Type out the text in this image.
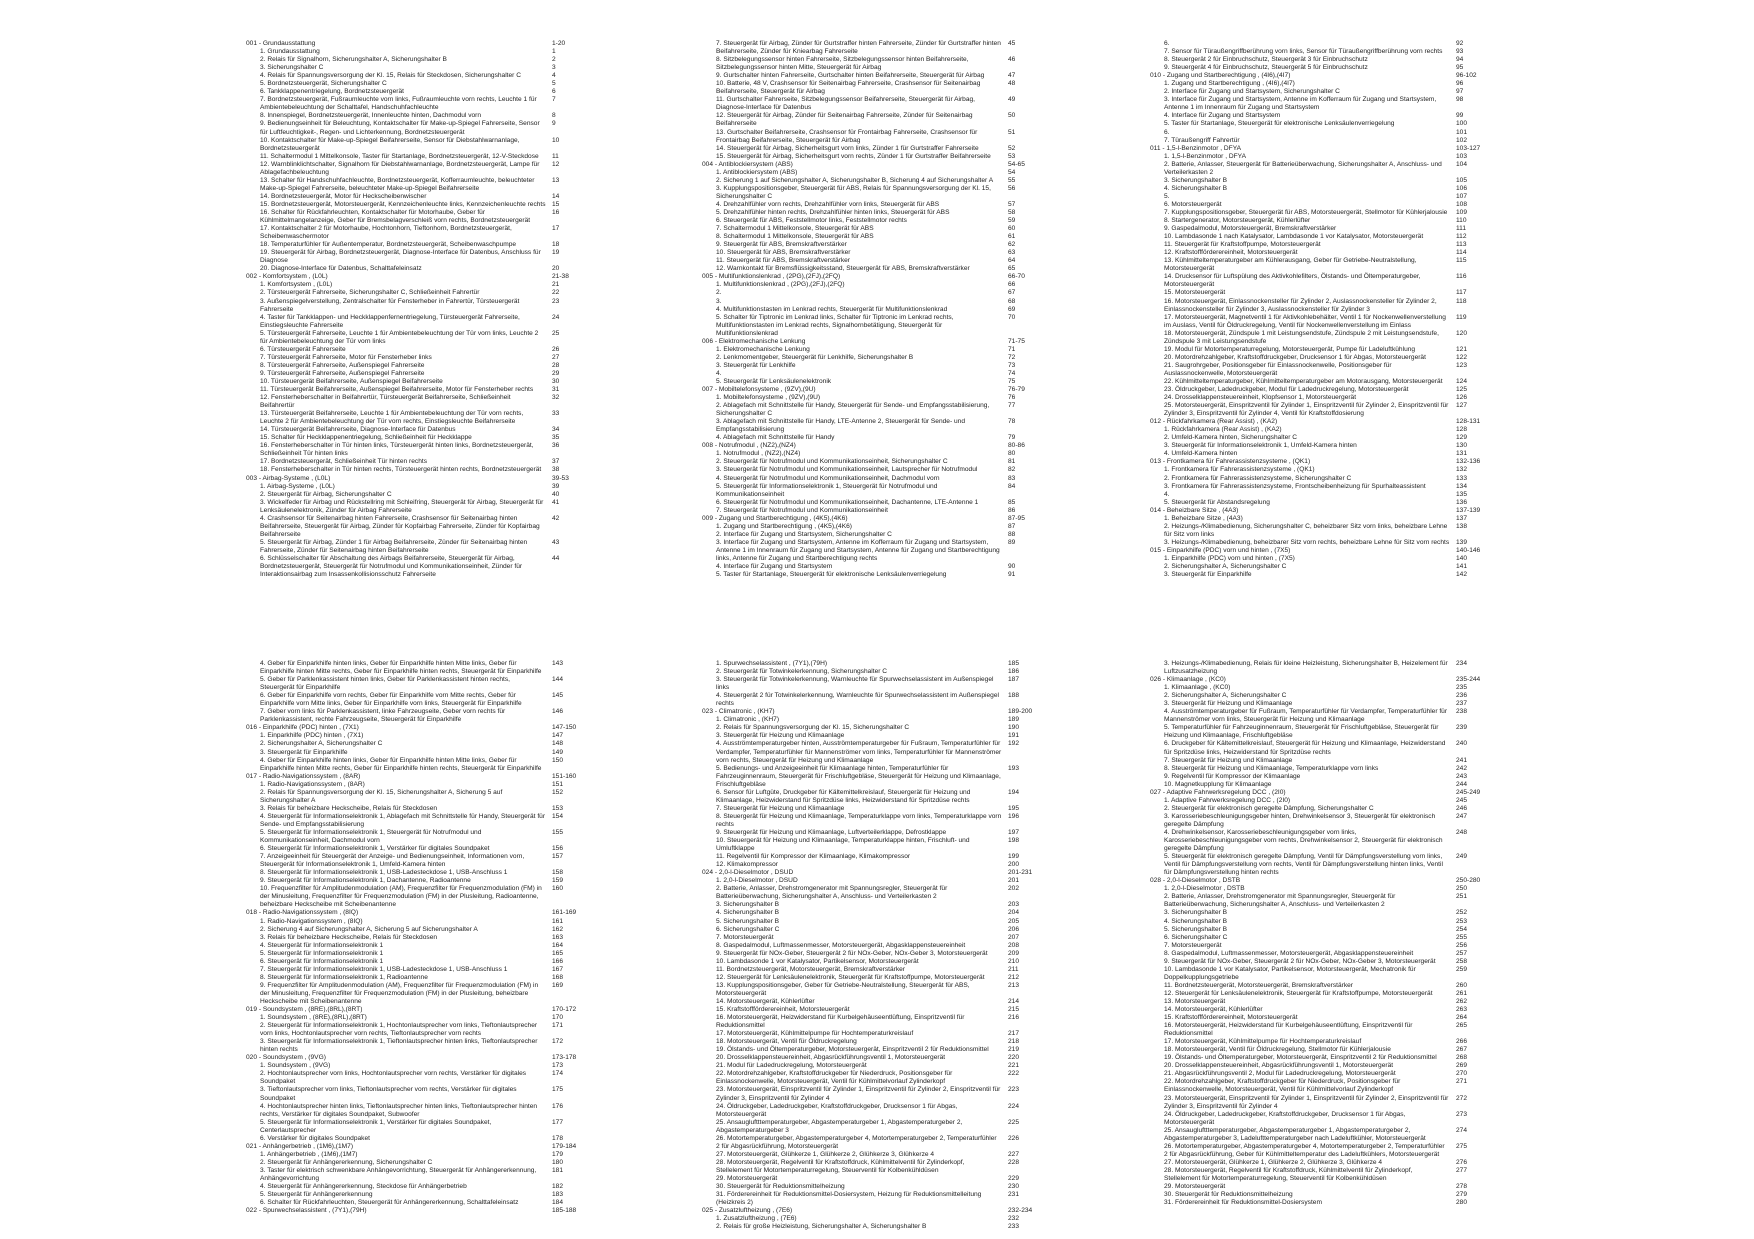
001 - Grundausstattung	1-20
1. Grundausstattung	1
2. Relais für Signalhorn, Sicherungshalter A, Sicherungshalter B	2
3. Sicherungshalter C	3
4. Relais für Spannungsversorgung der Kl. 15, Relais für Steckdosen, Sicherungshalter C	4
5. Bordnetzsteuergerät, Sicherungshalter C	5
6. Tankklappenentriegelung, Bordnetzsteuergerät	6
7. Bordnetzsteuergerät, Fußraumleuchte vorn links, Fußraumleuchte vorn rechts, Leuchte 1 für Ambientebeleuchtung der Schalttafel, Handschuhfachleuchte
7
8. Innenspiegel, Bordnetzsteuergerät, Innenleuchte hinten, Dachmodul vorn	8
9. Bedienungseinheit für Beleuchtung, Kontaktschalter für Make-up-Spiegel Fahrerseite, Sensor für Luftfeuchtigkeit-, Regen- und Lichterkennung, Bordnetzsteuergerät
9
10. Kontaktschalter für Make-up-Spiegel Beifahrerseite, Sensor für Diebstahlwarnanlage, Bordnetzsteuergerät
10
11. Schaltermodul 1 Mittelkonsole, Taster für Startanlage, Bordnetzsteuergerät, 12-V-Steckdose	11
12. Warnblinklichtschalter, Signalhorn für Diebstahlwarnanlage, Bordnetzsteuergerät, Lampe für Ablagefachbeleuchtung
12
13. Schalter für Handschuhfachleuchte, Bordnetzsteuergerät, Kofferraumleuchte, beleuchteter Make-up-Spiegel Fahrerseite, beleuchteter Make-up-Spiegel Beifahrerseite
13
14. Bordnetzsteuergerät, Motor für Heckscheibenwischer	14
15. Bordnetzsteuergerät, Motorsteuergerät, Kennzeichenleuchte links, Kennzeichenleuchte rechts 15
16. Schalter für Rückfahrleuchten, Kontaktschalter für Motorhaube, Geber für Kühlmittelmangelanzeige, Geber für Bremsbelagverschleiß vorn rechts, Bordnetzsteuergerät
16
17. Kontaktschalter 2 für Motorhaube, Hochtonhorn, Tieftonhorn, Bordnetzsteuergerät, Scheibenwaschermotor
17
18. Temperaturfühler für Außentemperatur, Bordnetzsteuergerät, Scheibenwaschpumpe	18
19. Steuergerät für Airbag, Bordnetzsteuergerät, Diagnose-Interface für Datenbus, Anschluss für Diagnose
19
20. Diagnose-Interface für Datenbus, Schalttafeleinsatz	20
002 - Komfortsystem , (L0L)	21-38
1. Komfortsystem , (L0L)	21
2. Türsteuergerät Fahrerseite, Sicherungshalter C, Schließeinheit Fahrertür	22
3. Außenspiegelverstellung, Zentralschalter für Fensterheber in Fahrertür, Türsteuergerät Fahrerseite
23
4. Taster für Tankklappen- und Heckklappenfernentriegelung, Türsteuergerät Fahrerseite, Einstiegsleuchte Fahrerseite
24
5. Türsteuergerät Fahrerseite, Leuchte 1 für Ambientebeleuchtung der Tür vorn links, Leuchte 2 für Ambientebeleuchtung der Tür vorn links
25
6. Türsteuergerät Fahrerseite	26
7. Türsteuergerät Fahrerseite, Motor für Fensterheber links	27
8. Türsteuergerät Fahrerseite, Außenspiegel Fahrerseite	28
9. Türsteuergerät Fahrerseite, Außenspiegel Fahrerseite	29
10. Türsteuergerät Beifahrerseite, Außenspiegel Beifahrerseite	30
11. Türsteuergerät Beifahrerseite, Außenspiegel Beifahrerseite, Motor für Fensterheber rechts	31
12. Fensterheberschalter in Beifahrertür, Türsteuergerät Beifahrerseite, Schließeinheit Beifahrertür
32
13. Türsteuergerät Beifahrerseite, Leuchte 1 für Ambientebeleuchtung der Tür vorn rechts, Leuchte 2 für Ambientebeleuchtung der Tür vorn rechts, Einstiegsleuchte Beifahrerseite
33
14. Türsteuergerät Beifahrerseite, Diagnose-Interface für Datenbus	34
15. Schalter für Heckklappenentriegelung, Schließeinheit für Heckklappe	35
16. Fensterheberschalter in Tür hinten links, Türsteuergerät hinten links, Bordnetzsteuergerät, Schließeinheit Tür hinten links
36
17. Bordnetzsteuergerät, Schließeinheit Tür hinten rechts	37
18. Fensterheberschalter in Tür hinten rechts, Türsteuergerät hinten rechts, Bordnetzsteuergerät	38
003 - Airbag-Systeme , (L0L)	39-53
1. Airbag-Systeme , (L0L)	39
2. Steuergerät für Airbag, Sicherungshalter C	40
3. Wickelfeder für Airbag und Rückstellring mit Schleifring, Steuergerät für Airbag, Steuergerät für Lenksäulenelektronik, Zünder für Airbag Fahrerseite
41
4. Crashsensor für Seitenairbag hinten Fahrerseite, Crashsensor für Seitenairbag hinten Beifahrerseite, Steuergerät für Airbag, Zünder für Kopfairbag Fahrerseite, Zünder für Kopfairbag Beifahrerseite
42
5. Steuergerät für Airbag, Zünder 1 für Airbag Beifahrerseite, Zünder für Seitenairbag hinten Fahrerseite, Zünder für Seitenairbag hinten Beifahrerseite
43
6. Schlüsselschalter für Abschaltung des Airbags Beifahrerseite, Steuergerät für Airbag, Bordnetzsteuergerät, Steuergerät für Notrufmodul und Kommunikationseinheit, Zünder für Interaktionsairbag zum Insassenkollisionsschutz Fahrerseite
44
7. Steuergerät für Airbag, Zünder für Gurtstraffer hinten Fahrerseite, Zünder für Gurtstraffer hinten Beifahrerseite, Zünder für Kniearbag Fahrerseite
45
8. Sitzbelegungssensor hinten Fahrerseite, Sitzbelegungssensor hinten Beifahrerseite, Sitzbelegungssensor hinten Mitte, Steuergerät für Airbag
46
9. Gurtschalter hinten Fahrerseite, Gurtschalter hinten Beifahrerseite, Steuergerät für Airbag	47
10. Batterie, 48 V, Crashsensor für Seitenairbag Fahrerseite, Crashsensor für Seitenairbag Beifahrerseite, Steuergerät für Airbag
48
11. Gurtschalter Fahrerseite, Sitzbelegungssensor Beifahrerseite, Steuergerät für Airbag, Diagnose-Interface für Datenbus
49
12. Steuergerät für Airbag, Zünder für Seitenairbag Fahrerseite, Zünder für Seitenairbag Beifahrerseite
50
13. Gurtschalter Beifahrerseite, Crashsensor für Frontairbag Fahrerseite, Crashsensor für Frontairbag Beifahrerseite, Steuergerät für Airbag
51
14. Steuergerät für Airbag, Sicherheitsgurt vorn links, Zünder 1 für Gurtstraffer Fahrerseite	52
15. Steuergerät für Airbag, Sicherheitsgurt vorn rechts, Zünder 1 für Gurtstraffer Beifahrerseite	53
004 - Antiblockiersystem (ABS)	54-65
1. Antiblockiersystem (ABS)	54
2. Sicherung 1 auf Sicherungshalter A, Sicherungshalter B, Sicherung 4 auf Sicherungshalter A	55
3. Kupplungspositionsgeber, Steuergerät für ABS, Relais für Spannungsversorgung der Kl. 15, Sicherungshalter C
56
4. Drehzahlfühler vorn rechts, Drehzahlfühler vorn links, Steuergerät für ABS	57
5. Drehzahlfühler hinten rechts, Drehzahlfühler hinten links, Steuergerät für ABS	58
6. Steuergerät für ABS, Feststellmotor links, Feststellmotor rechts	59
7. Schaltermodul 1 Mittelkonsole, Steuergerät für ABS	60
8. Schaltermodul 1 Mittelkonsole, Steuergerät für ABS	61
9. Steuergerät für ABS, Bremskraftverstärker	62
10. Steuergerät für ABS, Bremskraftverstärker	63
11. Steuergerät für ABS, Bremskraftverstärker	64
12. Warnkontakt für Bremsflüssigkeitsstand, Steuergerät für ABS, Bremskraftverstärker	65
005 - Multifunktionslenkrad , (2PG),(2FJ),(2FQ)	66-70
1. Multifunktionslenkrad , (2PG),(2FJ),(2FQ)	66
2.	67
3.	68
4. Multifunktionstasten im Lenkrad rechts, Steuergerät für Multifunktionslenkrad	69
5. Schalter für Tiptronic im Lenkrad links, Schalter für Tiptronic im Lenkrad rechts, Multifunktionstasten im Lenkrad rechts, Signalhornbetätigung, Steuergerät für Multifunktionslenkrad
70
006 - Elektromechanische Lenkung	71-75
1. Elektromechanische Lenkung	71
2. Lenkmomentgeber, Steuergerät für Lenkhilfe, Sicherungshalter B	72
3. Steuergerät für Lenkhilfe	73
4.	74
5. Steuergerät für Lenksäulenelektronik	75
007 - Mobiltelefonsysteme , (9ZV),(9U)	76-79
1. Mobiltelefonsysteme , (9ZV),(9U)	76
2. Ablagefach mit Schnittstelle für Handy, Steuergerät für Sende- und Empfangsstabilisierung, Sicherungshalter C
77
3. Ablagefach mit Schnittstelle für Handy, LTE-Antenne 2, Steuergerät für Sende- und Empfangsstabilisierung
78
4. Ablagefach mit Schnittstelle für Handy	79
008 - Notrufmodul , (NZ2),(NZ4)	80-86
1. Notrufmodul , (NZ2),(NZ4)	80
2. Steuergerät für Notrufmodul und Kommunikationseinheit, Sicherungshalter C	81
3. Steuergerät für Notrufmodul und Kommunikationseinheit, Lautsprecher für Notrufmodul	82
4. Steuergerät für Notrufmodul und Kommunikationseinheit, Dachmodul vorn	83
5. Steuergerät für Informationselektronik 1, Steuergerät für Notrufmodul und Kommunikationseinheit
84
6. Steuergerät für Notrufmodul und Kommunikationseinheit, Dachantenne, LTE-Antenne 1	85
7. Steuergerät für Notrufmodul und Kommunikationseinheit	86
009 - Zugang und Startberechtigung , (4K5),(4K6)	87-95
1. Zugang und Startberechtigung , (4K5),(4K6)	87
2. Interface für Zugang und Startsystem, Sicherungshalter C	88
3. Interface für Zugang und Startsystem, Antenne im Kofferraum für Zugang und Startsystem, Antenne 1 im Innenraum für Zugang und Startsystem, Antenne für Zugang und Startberechtigung links, Antenne für Zugang und Startberechtigung rechts
89
4. Interface für Zugang und Startsystem	90
5. Taster für Startanlage, Steuergerät für elektronische Lenksäulenverriegelung	91
6.	92
7. Sensor für Türaußengriffberührung vorn links, Sensor für Türaußengriffberührung vorn rechts	93
8. Steuergerät 2 für Einbruchschutz, Steuergerät 3 für Einbruchschutz	94
9. Steuergerät 4 für Einbruchschutz, Steuergerät 5 für Einbruchschutz	95
010 - Zugang und Startberechtigung , (4I6),(4I7)	96-102
1. Zugang und Startberechtigung , (4I6),(4I7)	96
2. Interface für Zugang und Startsystem, Sicherungshalter C	97
3. Interface für Zugang und Startsystem, Antenne im Kofferraum für Zugang und Startsystem, Antenne 1 im Innenraum für Zugang und Startsystem
98
4. Interface für Zugang und Startsystem	99
5. Taster für Startanlage, Steuergerät für elektronische Lenksäulenverriegelung	100
6.	101
7. Türaußengriff Fahrertür	102
011 - 1,5-l-Benzinmotor , DFYA	103-127
1. 1,5-l-Benzinmotor , DFYA	103
2. Batterie, Anlasser, Steuergerät für Batterieüberwachung, Sicherungshalter A, Anschluss- und Verteilerkasten 2
104
3. Sicherungshalter B	105
4. Sicherungshalter B	106
5.	107
6. Motorsteuergerät	108
7. Kupplungspositionsgeber, Steuergerät für ABS, Motorsteuergerät, Stellmotor für Kühlerjalousie	109
8. Startergenerator, Motorsteuergerät, Kühlerlüfter	110
9. Gaspedalmodul, Motorsteuergerät, Bremskraftverstärker	111
10. Lambdasonde 1 nach Katalysator, Lambdasonde 1 vor Katalysator, Motorsteuergerät	112
11. Steuergerät für Kraftstoffpumpe, Motorsteuergerät	113
12. Kraftstoffförderereinheit, Motorsteuergerät	114
13. Kühlmitteltemperaturgeber am Kühlerausgang, Geber für Getriebe-Neutralstellung, Motorsteuergerät
115
14. Drucksensor für Luftspülung des Aktivkohlefilters, Ölstands- und Öltemperaturgeber, Motorsteuergerät
116
15. Motorsteuergerät	117
16. Motorsteuergerät, Einlassnockensteller für Zylinder 2, Auslassnockensteller für Zylinder 2, Einlassnockensteller für Zylinder 3, Auslassnockensteller für Zylinder 3
118
17. Motorsteuergerät, Magnetventil 1 für Aktivkohlebehälter, Ventil 1 für Nockenwellenverstellung im Auslass, Ventil für Öldruckregelung, Ventil für Nockenwellenverstellung im Einlass
119
18. Motorsteuergerät, Zündspule 1 mit Leistungsendstufe, Zündspule 2 mit Leistungsendstufe, Zündspule 3 mit Leistungsendstufe
120
19. Modul für Motortemperaturregelung, Motorsteuergerät, Pumpe für Ladeluftkühlung	121
20. Motordrehzahlgeber, Kraftstoffdruckgeber, Drucksensor 1 für Abgas, Motorsteuergerät	122
21. Saugrohrgeber, Positionsgeber für Einlassnockenwelle, Positionsgeber für Auslassnockenwelle, Motorsteuergerät
123
22. Kühlmitteltemperaturgeber, Kühlmitteltemperaturgeber am Motorausgang, Motorsteuergerät	124
23. Öldruckgeber, Ladedruckgeber, Modul für Ladedruckregelung, Motorsteuergerät	125
24. Drosselklappensteuereinheit, Klopfsensor 1, Motorsteuergerät	126
25. Motorsteuergerät, Einspritzventil für Zylinder 1, Einspritzventil für Zylinder 2, Einspritzventil für Zylinder 3, Einspritzventil für Zylinder 4, Ventil für Kraftstoffdosierung
127
012 - Rückfahrkamera (Rear Assist) , (KA2)	128-131
1. Rückfahrkamera (Rear Assist) , (KA2)	128
2. Umfeld-Kamera hinten, Sicherungshalter C	129
3. Steuergerät für Informationselektronik 1, Umfeld-Kamera hinten	130
4. Umfeld-Kamera hinten	131
013 - Frontkamera für Fahrerassistenzsysteme , (QK1)	132-136
1. Frontkamera für Fahrerassistenzsysteme , (QK1)	132
2. Frontkamera für Fahrerassistenzsysteme, Sicherungshalter C	133
3. Frontkamera für Fahrerassistenzsysteme, Frontscheibenheizung für Spurhalteassistent	134
4.	135
5. Steuergerät für Abstandsregelung	136
014 - Beheizbare Sitze , (4A3)	137-139
1. Beheizbare Sitze , (4A3)	137
2. Heizungs-/Klimabedienung, Sicherungshalter C, beheizbarer Sitz vorn links, beheizbare Lehne für Sitz vorn links
138
3. Heizungs-/Klimabedienung, beheizbarer Sitz vorn rechts, beheizbare Lehne für Sitz vorn rechts	139
015 - Einparkhilfe (PDC) vorn und hinten , (7X5)	140-146
1. Einparkhilfe (PDC) vorn und hinten , (7X5)	140
2. Sicherungshalter A, Sicherungshalter C	141
3. Steuergerät für Einparkhilfe	142
4. Geber für Einparkhilfe hinten links, Geber für Einparkhilfe hinten Mitte links, Geber für Einparkhilfe hinten Mitte rechts, Geber für Einparkhilfe hinten rechts, Steuergerät für Einparkhilfe
143
5. Geber für Parklenkassistent hinten links, Geber für Parklenkassistent hinten rechts, Steuergerät für Einparkhilfe
144
6. Geber für Einparkhilfe vorn rechts, Geber für Einparkhilfe vorn Mitte rechts, Geber für Einparkhilfe vorn Mitte links, Geber für Einparkhilfe vorn links, Steuergerät für Einparkhilfe
145
7. Geber vorn links für Parklenkassistent, linke Fahrzeugseite, Geber vorn rechts für Parklenkassistent, rechte Fahrzeugseite, Steuergerät für Einparkhilfe
146
016 - Einparkhilfe (PDC) hinten , (7X1)	147-150
1. Einparkhilfe (PDC) hinten , (7X1)	147
2. Sicherungshalter A, Sicherungshalter C	148
3. Steuergerät für Einparkhilfe	149
4. Geber für Einparkhilfe hinten links, Geber für Einparkhilfe hinten Mitte links, Geber für Einparkhilfe hinten Mitte rechts, Geber für Einparkhilfe hinten rechts, Steuergerät für Einparkhilfe
150
017 - Radio-Navigationssystem , (8AR)	151-160
1. Radio-Navigationssystem , (8AR)	151
2. Relais für Spannungsversorgung der Kl. 15, Sicherungshalter A, Sicherung 5 auf Sicherungshalter A
152
3. Relais für beheizbare Heckscheibe, Relais für Steckdosen	153
4. Steuergerät für Informationselektronik 1, Ablagefach mit Schnittstelle für Handy, Steuergerät für Sende- und Empfangsstabilisierung
154
5. Steuergerät für Informationselektronik 1, Steuergerät für Notrufmodul und Kommunikationseinheit, Dachmodul vorn
155
6. Steuergerät für Informationselektronik 1, Verstärker für digitales Soundpaket	156
7. Anzeigeeinheit für Steuergerät der Anzeige- und Bedienungseinheit, Informationen vorn, Steuergerät für Informationselektronik 1, Umfeld-Kamera hinten
157
8. Steuergerät für Informationselektronik 1, USB-Ladesteckdose 1, USB-Anschluss 1	158
9. Steuergerät für Informationselektronik 1, Dachantenne, Radioantenne	159
10. Frequenzfilter für Amplitudenmodulation (AM), Frequenzfilter für Frequenzmodulation (FM) in der Minusleitung, Frequenzfilter für Frequenzmodulation (FM) in der Plusleitung, Radioantenne, beheizbare Heckscheibe mit Scheibenantenne
160
018 - Radio-Navigationssystem , (8IQ)	161-169
1. Radio-Navigationssystem , (8IQ)	161
2. Sicherung 4 auf Sicherungshalter A, Sicherung 5 auf Sicherungshalter A	162
3. Relais für beheizbare Heckscheibe, Relais für Steckdosen	163
4. Steuergerät für Informationselektronik 1	164
5. Steuergerät für Informationselektronik 1	165
6. Steuergerät für Informationselektronik 1	166
7. Steuergerät für Informationselektronik 1, USB-Ladesteckdose 1, USB-Anschluss 1	167
8. Steuergerät für Informationselektronik 1, Radioantenne	168
9. Frequenzfilter für Amplitudenmodulation (AM), Frequenzfilter für Frequenzmodulation (FM) in der Minusleitung, Frequenzfilter für Frequenzmodulation (FM) in der Plusleitung, beheizbare Heckscheibe mit Scheibenantenne
169
019 - Soundsystem , (8RE),(8RL),(8RT)	170-172
1. Soundsystem , (8RE),(8RL),(8RT)	170
2. Steuergerät für Informationselektronik 1, Hochtonlautsprecher vorn links, Tieftonlautsprecher vorn links, Hochtonlautsprecher vorn rechts, Tieftonlautsprecher vorn rechts
171
3. Steuergerät für Informationselektronik 1, Tieftonlautsprecher hinten links, Tieftonlautsprecher hinten rechts
172
020 - Soundsystem , (9VG)	173-178
1. Soundsystem , (9VG)	173
2. Hochtonlautsprecher vorn links, Hochtonlautsprecher vorn rechts, Verstärker für digitales Soundpaket
174
3. Tieftonlautsprecher vorn links, Tieftonlautsprecher vorn rechts, Verstärker für digitales Soundpaket
175
4. Hochtonlautsprecher hinten links, Tieftonlautsprecher hinten links, Tieftonlautsprecher hinten rechts, Verstärker für digitales Soundpaket, Subwoofer
176
5. Steuergerät für Informationselektronik 1, Verstärker für digitales Soundpaket, Centerlautsprecher
177
6. Verstärker für digitales Soundpaket	178
021 - Anhängerbetrieb , (1M6),(1M7)	179-184
1. Anhängerbetrieb , (1M6),(1M7)	179
2. Steuergerät für Anhängererkennung, Sicherungshalter C	180
3. Taster für elektrisch schwenkbare Anhängevorrichtung, Steuergerät für Anhängererkennung, Anhängevorrichtung
181
4. Steuergerät für Anhängererkennung, Steckdose für Anhängerbetrieb	182
5. Steuergerät für Anhängererkennung	183
6. Schalter für Rückfahrleuchten, Steuergerät für Anhängererkennung, Schalttafeleinsatz	184
022 - Spurwechselassistent , (7Y1),(79H)	185-188
1. Spurwechselassistent , (7Y1),(79H)	185
2. Steuergerät für Totwinkelerkennung, Sicherungshalter C	186
3. Steuergerät für Totwinkelerkennung, Warnleuchte für Spurwechselassistent im Außenspiegel links
187
4. Steuergerät 2 für Totwinkelerkennung, Warnleuchte für Spurwechselassistent im Außenspiegel rechts
188
023 - Climatronic , (KH7)	189-200
1. Climatronic , (KH7)	189
2. Relais für Spannungsversorgung der Kl. 15, Sicherungshalter C	190
3. Steuergerät für Heizung und Klimaanlage	191
4. Ausströmtemperaturgeber hinten, Ausströmtemperaturgeber für Fußraum, Temperaturfühler für Verdampfer, Temperaturfühler für Mannenströmer vorn links, Temperaturfühler für Mannenströmer vorn rechts, Steuergerät für Heizung und Klimaanlage
192
5. Bedienungs- und Anzeigeeinheit für Klimaanlage hinten, Temperaturfühler für Fahrzeuginnenraum, Steuergerät für Frischluftgebläse, Steuergerät für Heizung und Klimaanlage, Frischluftgebläse
193
6. Sensor für Luftgüte, Druckgeber für Kältemittelkreislauf, Steuergerät für Heizung und Klimaanlage, Heizwiderstand für Spritzdüse links, Heizwiderstand für Spritzdüse rechts
194
7. Steuergerät für Heizung und Klimaanlage	195
8. Steuergerät für Heizung und Klimaanlage, Temperaturklappe vorn links, Temperaturklappe vorn rechts
196
9. Steuergerät für Heizung und Klimaanlage, Luftverteilerklappe, Defrostklappe	197
10. Steuergerät für Heizung und Klimaanlage, Temperaturklappe hinten, Frischluft- und Umluftklappe
198
11. Regelventil für Kompressor der Klimaanlage, Klimakompressor	199
12. Klimakompressor	200
024 - 2,0-l-Dieselmotor , DSUD	201-231
1. 2,0-l-Dieselmotor , DSUD	201
2. Batterie, Anlasser, Drehstromgenerator mit Spannungsregler, Steuergerät für Batterieüberwachung, Sicherungshalter A, Anschluss- und Verteilerkasten 2
202
3. Sicherungshalter B	203
4. Sicherungshalter B	204
5. Sicherungshalter B	205
6. Sicherungshalter C	206
7. Motorsteuergerät	207
8. Gaspedalmodul, Luftmassenmesser, Motorsteuergerät, Abgasklappensteuereinheit	208
9. Steuergerät für NOx-Geber, Steuergerät 2 für NOx-Geber, NOx-Geber 3, Motorsteuergerät	209
10. Lambdasonde 1 vor Katalysator, Partikelsensor, Motorsteuergerät	210
11. Bordnetzsteuergerät, Motorsteuergerät, Bremskraftverstärker	211
12. Steuergerät für Lenksäulenelektronik, Steuergerät für Kraftstoffpumpe, Motorsteuergerät	212
13. Kupplungspositionsgeber, Geber für Getriebe-Neutralstellung, Steuergerät für ABS, Motorsteuergerät
213
14. Motorsteuergerät, Kühlerlüfter	214
15. Kraftstoffförderereinheit, Motorsteuergerät	215
16. Motorsteuergerät, Heizwiderstand für Kurbelgehäuseentlüftung, Einspritzventil für Reduktionsmittel
216
17. Motorsteuergerät, Kühlmittelpumpe für Hochtemperaturkreislauf	217
18. Motorsteuergerät, Ventil für Öldruckregelung	218
19. Ölstands- und Öltemperaturgeber, Motorsteuergerät, Einspritzventil 2 für Reduktionsmittel	219
20. Drosselklappensteuereinheit, Abgasrückführungsventil 1, Motorsteuergerät	220
21. Modul für Ladedruckregelung, Motorsteuergerät	221
22. Motordrehzahlgeber, Kraftstoffdruckgeber für Niederdruck, Positionsgeber für Einlassnockenwelle, Motorsteuergerät, Ventil für Kühlmittelvorlauf Zylinderkopf
222
23. Motorsteuergerät, Einspritzventil für Zylinder 1, Einspritzventil für Zylinder 2, Einspritzventil für Zylinder 3, Einspritzventil für Zylinder 4
223
24. Öldruckgeber, Ladedruckgeber, Kraftstoffdruckgeber, Drucksensor 1 für Abgas, Motorsteuergerät
224
25. Ansaugluftttemperaturgeber, Abgastemperaturgeber 1, Abgastemperaturgeber 2, Abgastemperaturgeber 3
225
26. Motortemperaturgeber, Abgastemperaturgeber 4, Motortemperaturgeber 2, Temperaturfühler 2 für Abgasrückführung, Motorsteuergerät
226
27. Motorsteuergerät, Glühkerze 1, Glühkerze 2, Glühkerze 3, Glühkerze 4	227
28. Motorsteuergerät, Regelventil für Kraftstoffdruck, Kühlmittelventil für Zylinderkopf, Stellelement für Motortemperaturregelung, Steuerventil für Kolbenkühldüsen
228
29. Motorsteuergerät	229
30. Steuergerät für Reduktionsmittelheizung	230
31. Förderereinheit für Reduktionsmittel-Dosiersystem, Heizung für Reduktionsmittelleitung (Heizkreis 2)
231
025 - Zusatzluftheizung , (7E6)	232-234
1. Zusatzluftheizung , (7E6)	232
2. Relais für große Heizleistung, Sicherungshalter A, Sicherungshalter B	233
3. Heizungs-/Klimabedienung, Relais für kleine Heizleistung, Sicherungshalter B, Heizelement für Luftzusatzheizung
234
026 - Klimaanlage , (KC0)	235-244
1. Klimaanlage , (KC0)	235
2. Sicherungshalter A, Sicherungshalter C	236
3. Steuergerät für Heizung und Klimaanlage	237
4. Ausströmtemperaturgeber für Fußraum, Temperaturfühler für Verdampfer, Temperaturfühler für Mannenströmer vorn links, Steuergerät für Heizung und Klimaanlage
238
5. Temperaturfühler für Fahrzeuginnenraum, Steuergerät für Frischluftgebläse, Steuergerät für Heizung und Klimaanlage, Frischluftgebläse
239
6. Druckgeber für Kältemittelkreislauf, Steuergerät für Heizung und Klimaanlage, Heizwiderstand für Spritzdüse links, Heizwiderstand für Spritzdüse rechts
240
7. Steuergerät für Heizung und Klimaanlage	241
8. Steuergerät für Heizung und Klimaanlage, Temperaturklappe vorn links	242
9. Regelventil für Kompressor der Klimaanlage	243
10. Magnetkupplung für Klimaanlage	244
027 - Adaptive Fahrwerksregelung DCC , (2I0)	245-249
1. Adaptive Fahrwerksregelung DCC , (2I0)	245
2. Steuergerät für elektronisch geregelte Dämpfung, Sicherungshalter C	246
3. Karosseriebeschleunigungsgeber hinten, Drehwinkelsensor 3, Steuergerät für elektronisch geregelte Dämpfung
247
4. Drehwinkelsensor, Karosseriebeschleunigungsgeber vorn links, Karosseriebeschleunigungsgeber vorn rechts, Drehwinkelsensor 2, Steuergerät für elektronisch geregelte Dämpfung
248
5. Steuergerät für elektronisch geregelte Dämpfung, Ventil für Dämpfungsverstellung vorn links, Ventil für Dämpfungsverstellung vorn rechts, Ventil für Dämpfungsverstellung hinten links, Ventil für Dämpfungsverstellung hinten rechts
249
028 - 2,0-l-Dieselmotor , DSTB	250-280
1. 2,0-l-Dieselmotor , DSTB	250
2. Batterie, Anlasser, Drehstromgenerator mit Spannungsregler, Steuergerät für Batterieüberwachung, Sicherungshalter A, Anschluss- und Verteilerkasten 2
251
3. Sicherungshalter B	252
4. Sicherungshalter B	253
5. Sicherungshalter B	254
6. Sicherungshalter C	255
7. Motorsteuergerät	256
8. Gaspedalmodul, Luftmassenmesser, Motorsteuergerät, Abgasklappensteuereinheit	257
9. Steuergerät für NOx-Geber, Steuergerät 2 für NOx-Geber, NOx-Geber 3, Motorsteuergerät	258
10. Lambdasonde 1 vor Katalysator, Partikelsensor, Motorsteuergerät, Mechatronik für Doppelkupplungsgetriebe
259
11. Bordnetzsteuergerät, Motorsteuergerät, Bremskraftverstärker	260
12. Steuergerät für Lenksäulenelektronik, Steuergerät für Kraftstoffpumpe, Motorsteuergerät	261
13. Motorsteuergerät	262
14. Motorsteuergerät, Kühlerlüfter	263
15. Kraftstoffförderereinheit, Motorsteuergerät	264
16. Motorsteuergerät, Heizwiderstand für Kurbelgehäuseentlüftung, Einspritzventil für Reduktionsmittel
265
17. Motorsteuergerät, Kühlmittelpumpe für Hochtemperaturkreislauf	266
18. Motorsteuergerät, Ventil für Öldruckregelung, Stellmotor für Kühlerjalousie	267
19. Ölstands- und Öltemperaturgeber, Motorsteuergerät, Einspritzventil 2 für Reduktionsmittel	268
20. Drosselklappensteuereinheit, Abgasrückführungsventil 1, Motorsteuergerät	269
21. Abgasrückführungsventil 2, Modul für Ladedruckregelung, Motorsteuergerät	270
22. Motordrehzahlgeber, Kraftstoffdruckgeber für Niederdruck, Positionsgeber für Einlassnockenwelle, Motorsteuergerät, Ventil für Kühlmittelvorlauf Zylinderkopf
271
23. Motorsteuergerät, Einspritzventil für Zylinder 1, Einspritzventil für Zylinder 2, Einspritzventil für Zylinder 3, Einspritzventil für Zylinder 4
272
24. Öldruckgeber, Ladedruckgeber, Kraftstoffdruckgeber, Drucksensor 1 für Abgas, Motorsteuergerät
273
25. Ansaugluftttemperaturgeber, Abgastemperaturgeber 1, Abgastemperaturgeber 2, Abgastemperaturgeber 3, Ladelufttemperaturgeber nach Ladeluftkühler, Motorsteuergerät
274
26. Motortemperaturgeber, Abgastemperaturgeber 4, Motortemperaturgeber 2, Temperaturfühler 2 für Abgasrückführung, Geber für Kühlmitteltemperatur des Ladeluftkühlers, Motorsteuergerät
275
27. Motorsteuergerät, Glühkerze 1, Glühkerze 2, Glühkerze 3, Glühkerze 4	276
28. Motorsteuergerät, Regelventil für Kraftstoffdruck, Kühlmittelventil für Zylinderkopf, Stellelement für Motortemperaturregelung, Steuerventil für Kolbenkühldüsen
277
29. Motorsteuergerät	278
30. Steuergerät für Reduktionsmittelheizung	279
31. Förderereinheit für Reduktionsmittel-Dosiersystem	280
